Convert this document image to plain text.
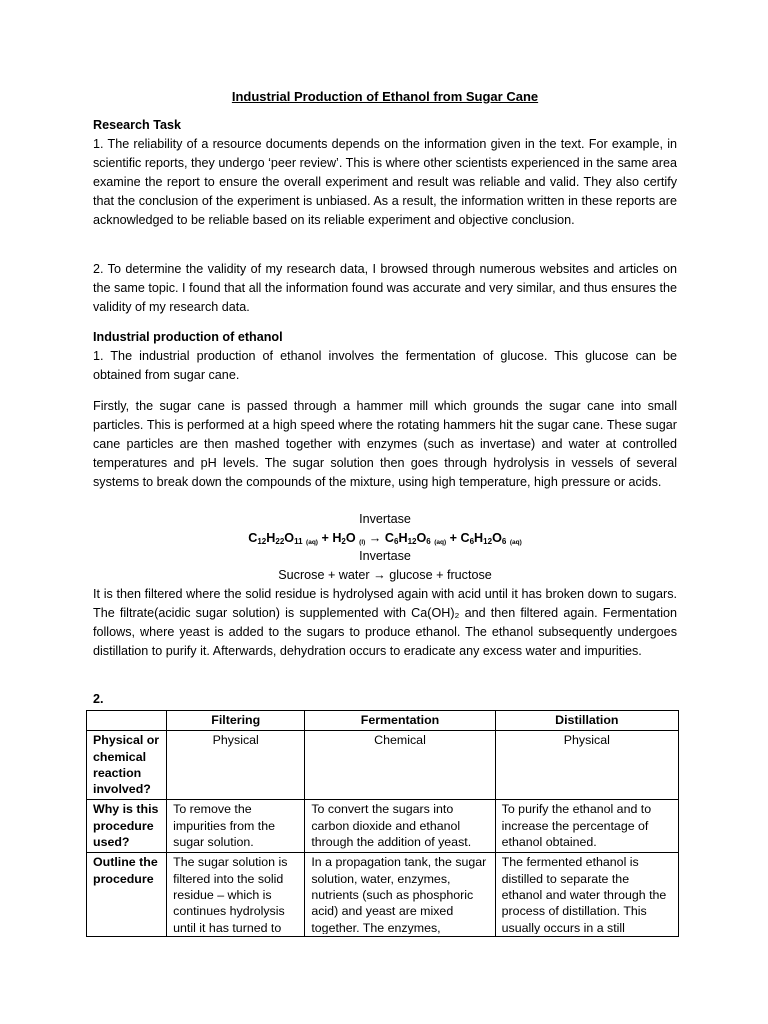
Industrial Production of Ethanol from Sugar Cane
Research Task
1. The reliability of a resource documents depends on the information given in the text. For example, in scientific reports, they undergo ‘peer review’. This is where other scientists experienced in the same area examine the report to ensure the overall experiment and result was reliable and valid. They also certify that the conclusion of the experiment is unbiased. As a result, the information written in these reports are acknowledged to be reliable based on its reliable experiment and objective conclusion.
2. To determine the validity of my research data, I browsed through numerous websites and articles on the same topic. I found that all the information found was accurate and very similar, and thus ensures the validity of my research data.
Industrial production of ethanol
1. The industrial production of ethanol involves the fermentation of glucose. This glucose can be obtained from sugar cane.
Firstly, the sugar cane is passed through a hammer mill which grounds the sugar cane into small particles. This is performed at a high speed where the rotating hammers hit the sugar cane. These sugar cane particles are then mashed together with enzymes (such as invertase) and water at controlled temperatures and pH levels. The sugar solution then goes through hydrolysis in vessels of several systems to break down the compounds of the mixture, using high temperature, high pressure or acids.
Invertase
$C_{12}H_{22}O_{11}$ $_{(aq)} + H_2O$ $_{(l)} \to C_6H_{12}O_6$ $_{(aq)} + C_6H_{12}O_6$ $_{(aq)}$
Invertase
Sucrose + water → glucose + fructose
It is then filtered where the solid residue is hydrolysed again with acid until it has broken down to sugars. The filtrate(acidic sugar solution) is supplemented with Ca(OH)₂ and then filtered again. Fermentation follows, where yeast is added to the sugars to produce ethanol. The ethanol subsequently undergoes distillation to purify it. Afterwards, dehydration occurs to eradicate any excess water and impurities.
2.
	Filtering	Fermentation	Distillation
Physical or chemical reaction involved?	Physical	Chemical	Physical
Why is this procedure used?	To remove the impurities from the sugar solution.	To convert the sugars into carbon dioxide and ethanol through the addition of yeast.	To purify the ethanol and to increase the percentage of ethanol obtained.

Outline the procedure	The sugar solution is filtered into the solid residue – which is continues hydrolysis until it has turned to	In a propagation tank, the sugar solution, water, enzymes, nutrients (such as phosphoric acid) and yeast are mixed together. The enzymes,	The fermented ethanol is distilled to separate the ethanol and water through the process of distillation. This usually occurs in a still
